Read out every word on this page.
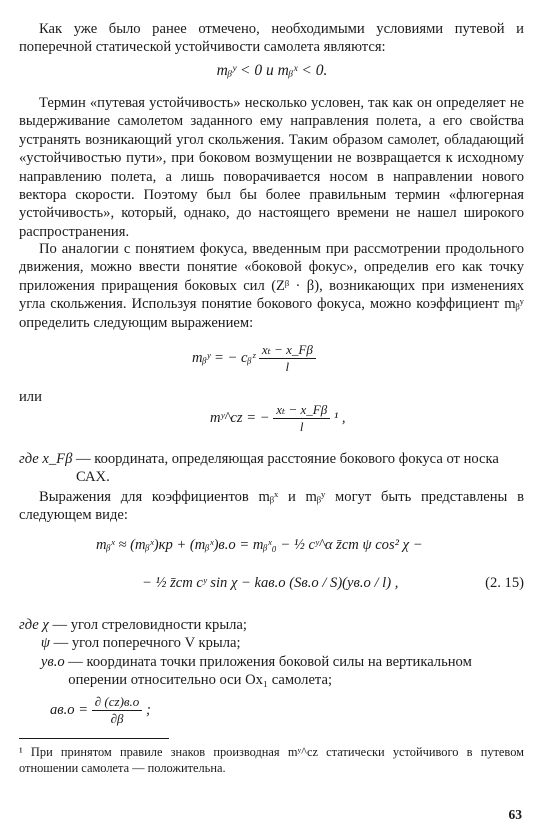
Как уже было ранее отмечено, необходимыми условиями путевой и поперечной статической устойчивости самолета являются:

mᵦʸ < 0 и mᵦˣ < 0.

Термин «путевая устойчивость» несколько условен, так как он определяет не выдерживание самолетом заданного ему направления полета, а его свойства устранять возникающий угол скольжения. Таким образом самолет, обладающий «устойчивостью пути», при боковом возмущении не возвращается к исходному направлению полета, а лишь поворачивается носом в направлении нового вектора скорости. Поэтому был бы более правильным термин «флюгерная устойчивость», который, однако, до настоящего времени не нашел широкого распространения.

По аналогии с понятием фокуса, введенным при рассмотрении продольного движения, можно ввести понятие «боковой фокус», определив его как точку приложения приращения боковых сил (Zᵝ · β), возникающих при изменениях угла скольжения. Используя понятие бокового фокуса, можно коэффициент mᵦʸ определить следующим выражением:

mᵦʸ = − cᵦᶻ $\frac{\text{xₜ − x\_Fβ}}{l}$
или
mʸ^cz = − $\frac{\text{xₜ − x\_Fβ}}{l} ^1$ ,
где x_Fβ — координата, определяющая расстояние бокового фокуса от носка САХ.

Выражения для коэффициентов mᵦˣ и mᵦʸ могут быть представлены в следующем виде:

mᵦˣ ≈ (mᵦˣ)кр + (mᵦˣ)в.о = mᵦˣ₀ − ½ cʸ^α z̄ст ψ cos² χ −
− ½ z̄ст cʸ sin χ − kaв.о (Sв.о / S)(yв.о / l) ,	(2. 15)
где χ — угол стреловидности крыла;
ψ — угол поперечного V крыла;
yв.о — координата точки приложения боковой силы на вертикальном оперении относительно оси Ox₁ самолета;
$aв.о = \frac{\partial (cz)в.о}{\partial\beta}$ ;
¹ При принятом правиле знаков производная mʸ^cz статически устойчивого в путевом отношении самолета — положительна.
63
